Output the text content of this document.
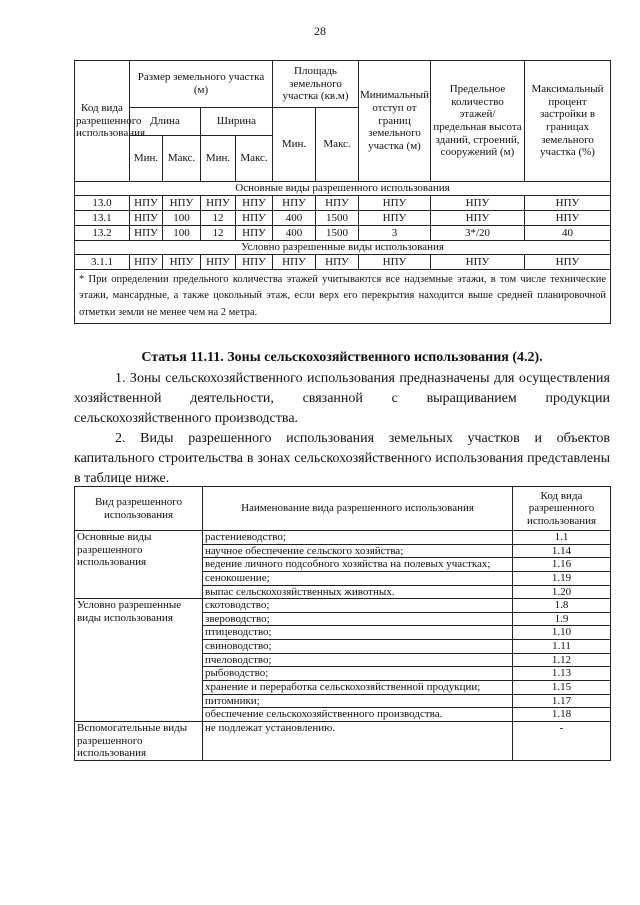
28
Код вида разрешенного использования	Размер земельного участка (м)				Площадь земельного участка (кв.м)		Минимальный отступ от границ земельного участка (м)	Предельное количество этажей/ предельная высота зданий, строений, сооружений (м)	Максимальный процент застройки в границах земельного участка (%)
	Длина		Ширина		Мин.	Макс.			
	Мин.	Макс.	Мин.	Макс.					
Основные виды разрешенного использования									
13.0	НПУ	НПУ	НПУ	НПУ	НПУ	НПУ	НПУ	НПУ	НПУ
13.1	НПУ	100	12	НПУ	400	1500	НПУ	НПУ	НПУ
13.2	НПУ	100	12	НПУ	400	1500	3	3*/20	40
Условно разрешенные виды использования									
3.1.1	НПУ	НПУ	НПУ	НПУ	НПУ	НПУ	НПУ	НПУ	НПУ
* При определении предельного количества этажей учитываются все надземные этажи, в том числе технические этажи, мансардные, а также цокольный этаж, если верх его перекрытия находится выше средней планировочной отметки земли не менее чем на 2 метра.									
Статья 11.11. Зоны сельскохозяйственного использования (4.2).

1. Зоны сельскохозяйственного использования предназначены для осуществления хозяйственной деятельности, связанной с выращиванием продукции сельскохозяйственного производства.

2. Виды разрешенного использования земельных участков и объектов капитального строительства в зонах сельскохозяйственного использования представлены в таблице ниже.

Вид разрешенного использования	Наименование вида разрешенного использования	Код вида разрешенного использования
Основные виды разрешенного использования	растениеводство;	1.1
	научное обеспечение сельского хозяйства;	1.14
	ведение личного подсобного хозяйства на полевых участках;	1.16
	сенокошение;	1.19
	выпас сельскохозяйственных животных.	1.20
Условно разрешенные виды использования	скотоводство;	1.8
	звероводство;	1.9
	птицеводство;	1.10
	свиноводство;	1.11
	пчеловодство;	1.12
	рыбоводство;	1.13
	хранение и переработка сельскохозяйственной продукции;	1.15
	питомники;	1.17
	обеспечение сельскохозяйственного производства.	1.18
Вспомогательные виды разрешенного использования	не подлежат установлению.	-
